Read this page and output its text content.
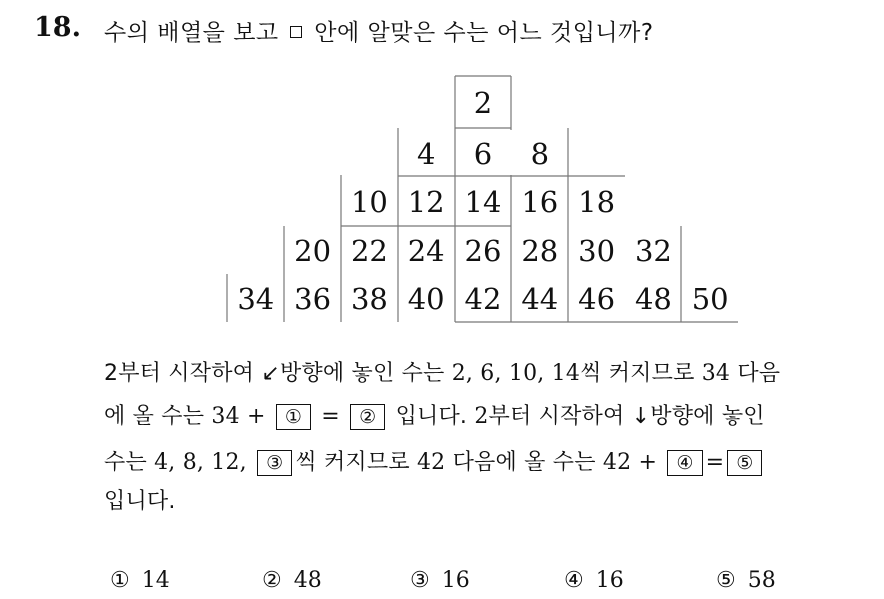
18. 수의 배열을 보고 안에 알맞은 수는 어느 것입니까?
2
4 6 8
10 12 14 16 18
20 22 24 26 28 30 32
34 36 38 40 42 44 46 48 50
2부터 시작하여 ↙방향에 놓인 수는 2, 6, 10, 14씩 커지므로 34 다음
에 올 수는 34 + ① = ② 입니다. 2부터 시작하여 ↓방향에 놓인
수는 4, 8, 12, ③ 씩 커지므로 42 다음에 올 수는 42 + ④ = ⑤
입니다.
① 14	② 48	③ 16	④ 16	⑤ 58
